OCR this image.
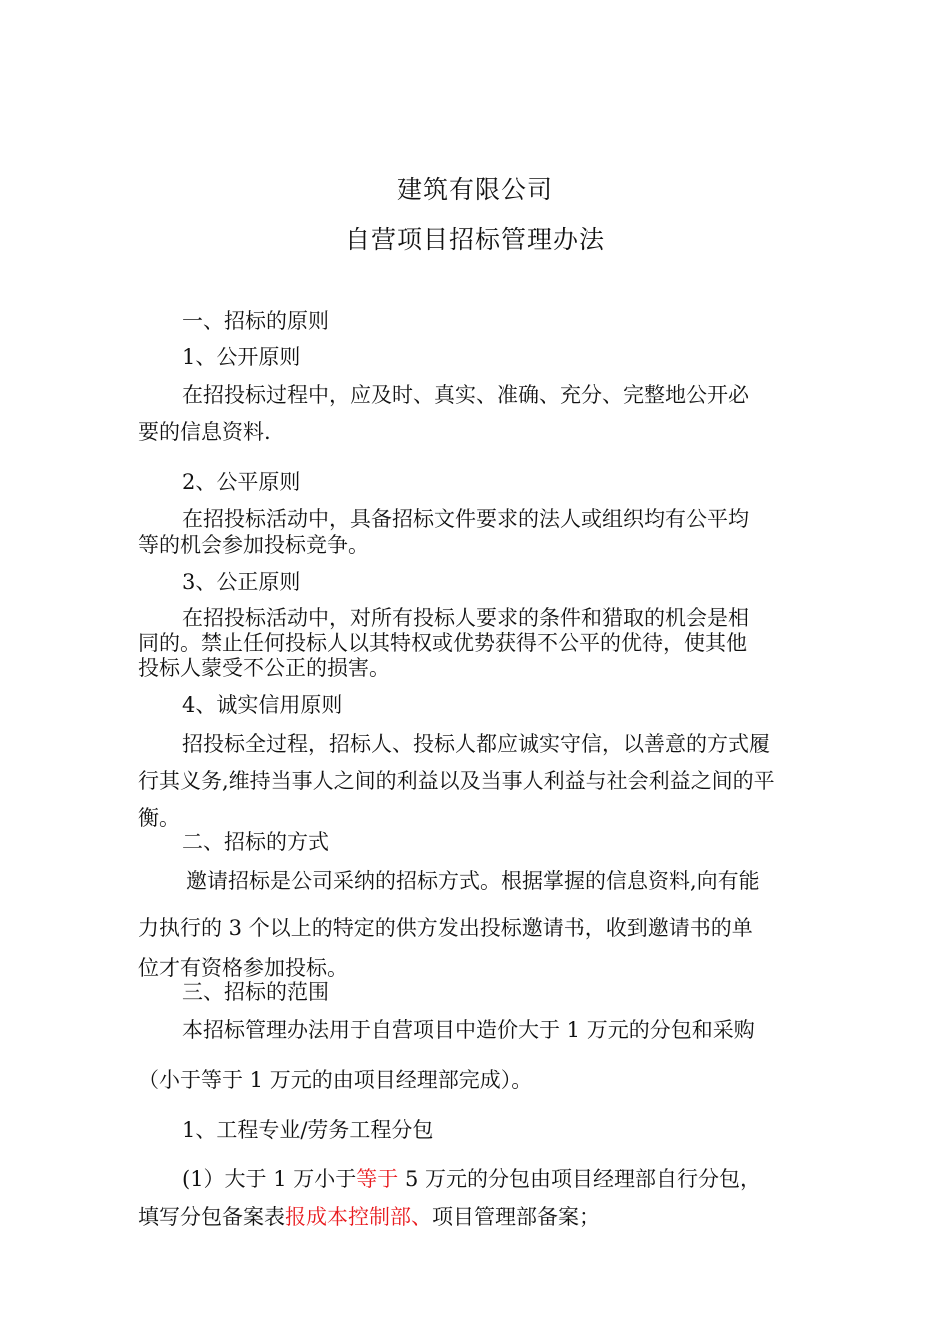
建筑有限公司
自营项目招标管理办法
一、招标的原则
1、公开原则
在招投标过程中，应及时、真实、准确、充分、完整地公开必
要的信息资料.
2、公平原则
在招投标活动中，具备招标文件要求的法人或组织均有公平均
等的机会参加投标竞争。
3、公正原则
在招投标活动中，对所有投标人要求的条件和猎取的机会是相
同的。禁止任何投标人以其特权或优势获得不公平的优待，使其他
投标人蒙受不公正的损害。
4、诚实信用原则
招投标全过程，招标人、投标人都应诚实守信，以善意的方式履
行其义务,维持当事人之间的利益以及当事人利益与社会利益之间的平
衡。
二、招标的方式
邀请招标是公司采纳的招标方式。根据掌握的信息资料,向有能
力执行的 3 个以上的特定的供方发出投标邀请书，收到邀请书的单
位才有资格参加投标。
三、招标的范围
本招标管理办法用于自营项目中造价大于 1 万元的分包和采购
（小于等于 1 万元的由项目经理部完成）。
1、工程专业/劳务工程分包
(1）大于 1 万小于等于 5 万元的分包由项目经理部自行分包，
填写分包备案表报成本控制部、项目管理部备案；
